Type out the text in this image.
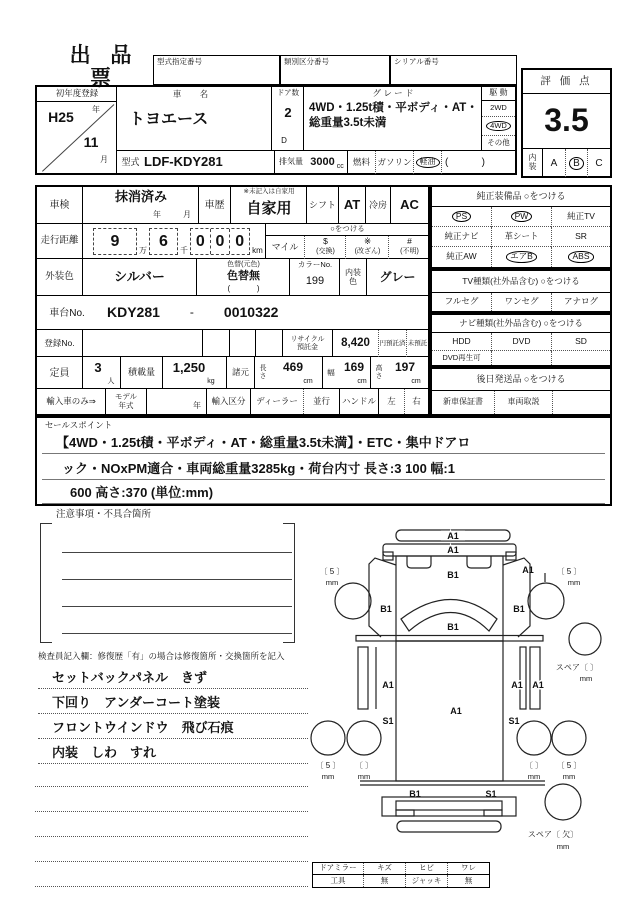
出 品 票
型式指定番号	類別区分番号	シリアル番号
評 価 点
3.5
内装	A	B	C
初年度登録
H25
年
11
月
車 名
トヨエース
ドア数
2
D
グ レ ー ド
4WD・1.25t積・平ボディ・AT・総重量3.5t未満
駆 動
2WD
4WD
その他
型式 LDF-KDY281	排気量 3000 cc	燃料 ガソリン	軽油 (            )
車検
抹消済み
年	月
車歴
※未記入は自家用
自家用	シフト AT 冷房	AC
走行距離	9
万
6
千
0 0 0
km
○をつける
マイル
$
(交換)
※
(改ざん)
#
(不明)
外装色	シルバー
色替(元色)
色替無
(            )
カラーNo.
199
内装色	グレー
車台No.	KDY281	- 0010322
登録No.	リサイクル預託金	8,420	円預託済 未預託
定員	3
人
積載量	1,250
kg
諸元	長さ
469
cm
幅 169
cm
高さ
197
cm
輸入車のみ⇒	モデル年式	年	輸入区分	ディーラー	並行	ハンドル	左	右
純正装備品 ○をつける
PS	PW	純正TV
純正ナビ	革シート	SR
純正AW	エアB	ABS
TV種類(社外品含む) ○をつける
フルセグ	ワンセグ	アナログ
ナビ種類(社外品含む) ○をつける
HDD	DVD	SD
DVD再生可
後日発送品 ○をつける
新車保証書	車両取説
セールスポイント
【4WD・1.25t積・平ボディ・AT・総重量3.5t未満】・ETC・集中ドアロ
ック・NOxPM適合・車両総重量3285kg・荷台内寸 長さ:3 100 幅:1
600 高さ:370 (単位:mm)
注意事項・不具合箇所
検査員記入欄：修復歴「有」の場合は修復箇所・交換箇所を記入
セットバックパネル　きず
下回り　アンダーコート塗装
フロントウインドウ　飛び石痕
内装　しわ　すれ
A1
A1
B1
B1
〔 5 〕
mm
A1	〔 5 〕
mm
B1	B1
A1
S1
A1
A1 A1
S1
〔 5 〕
mm
〔 〕
mm
〔 〕
mm
〔 5 〕
mm
B1	S1
スペア〔 〕
mm
スペア〔 欠〕
mm
ドアミラー	キズ	ヒビ	ワレ
工具	無	ジャッキ	無
